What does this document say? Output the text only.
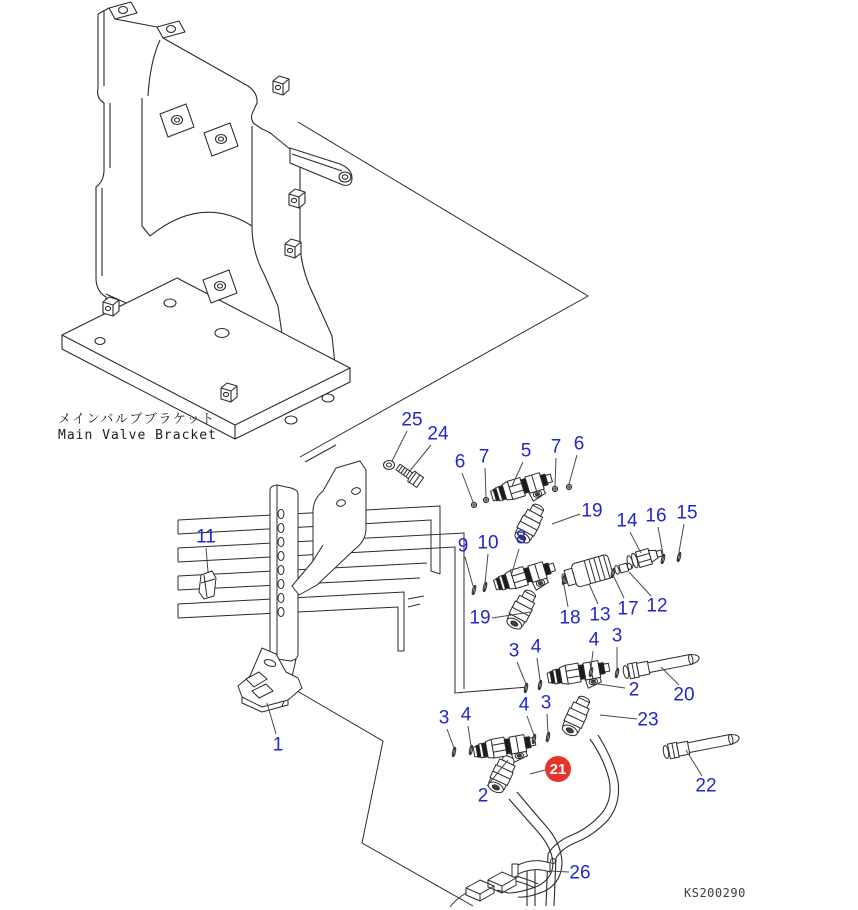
メインバルブブラケット
Main Valve Bracket
KS200290
25
24
6 7 5 7 6
19
11	9 10 8
14 16 15
19	18 13 17 12
3 4 4 3
2 20
23
4 3
3 4
2
21
22
26
1
